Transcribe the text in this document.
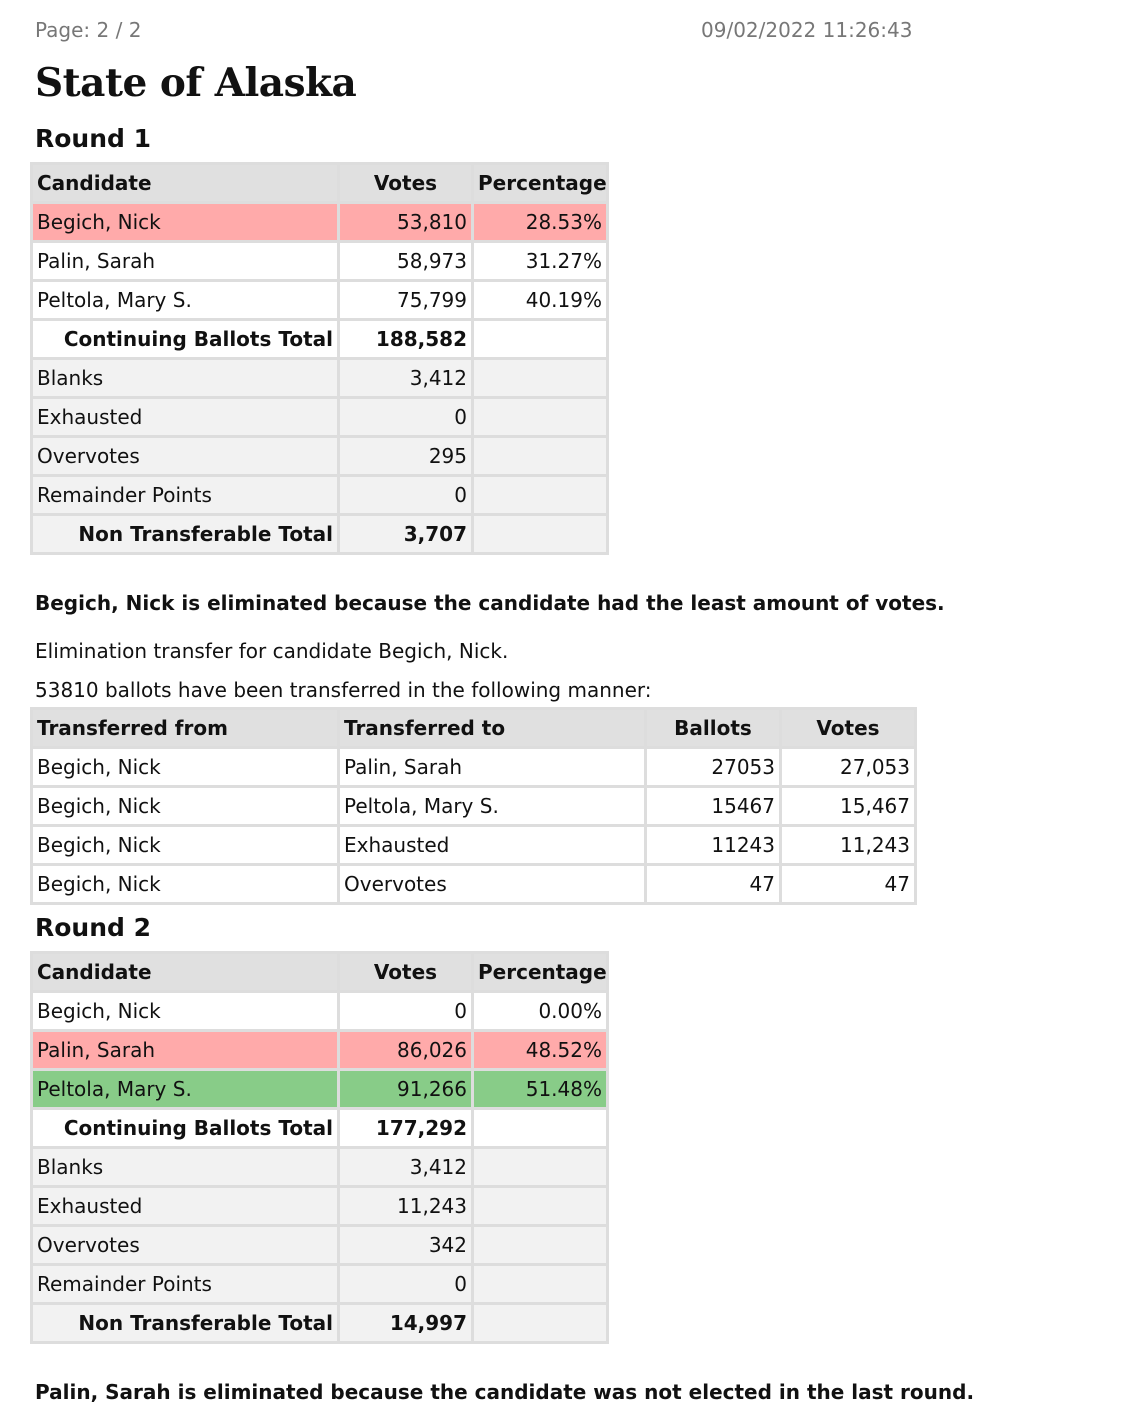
Page: 2 / 2	09/02/2022 11:26:43
State of Alaska
Round 1
Candidate	Votes	Percentage
Begich, Nick	53,810	28.53%
Palin, Sarah	58,973	31.27%
Peltola, Mary S.	75,799	40.19%
Continuing Ballots Total	188,582	
Blanks	3,412	
Exhausted	0	
Overvotes	295	
Remainder Points	0	
Non Transferable Total	3,707	
Begich, Nick is eliminated because the candidate had the least amount of votes.
Elimination transfer for candidate Begich, Nick.
53810 ballots have been transferred in the following manner:
Transferred from	Transferred to	Ballots	Votes
Begich, Nick	Palin, Sarah	27053	27,053
Begich, Nick	Peltola, Mary S.	15467	15,467
Begich, Nick	Exhausted	11243	11,243
Begich, Nick	Overvotes	47	47
Round 2
Candidate	Votes	Percentage
Begich, Nick	0	0.00%
Palin, Sarah	86,026	48.52%
Peltola, Mary S.	91,266	51.48%
Continuing Ballots Total	177,292	
Blanks	3,412	
Exhausted	11,243	
Overvotes	342	
Remainder Points	0	
Non Transferable Total	14,997	
Palin, Sarah is eliminated because the candidate was not elected in the last round.
